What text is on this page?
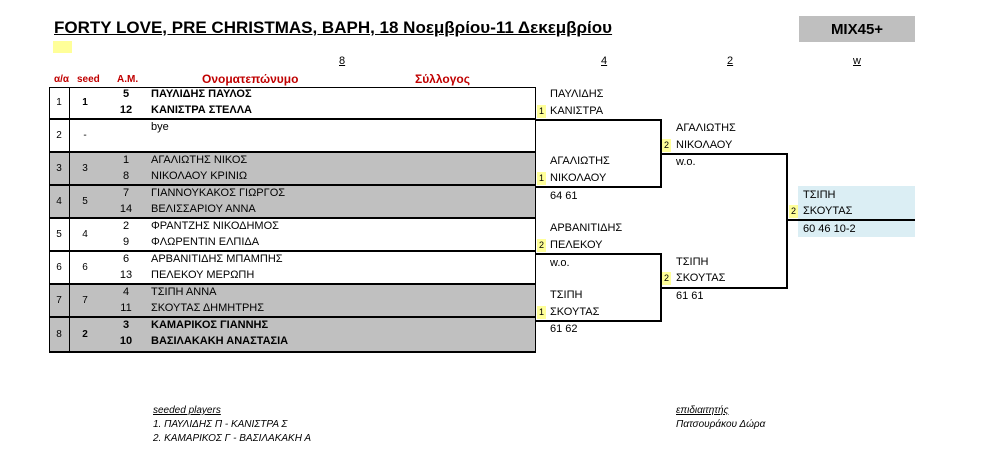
FORTY LOVE, PRE CHRISTMAS, ΒΑΡΗ, 18 Νοεμβρίου-11 Δεκεμβρίου	MIX45+
8	4	2	w
α/α seed Α.Μ.	Ονοματεπώνυμο	Σύλλογος
1	1
5	ΠΑΥΛΙΔΗΣ ΠΑΥΛΟΣ
12	ΚΑΝΙΣΤΡΑ ΣΤΕΛΛΑ
2	-
bye
3	3
1	ΑΓΑΛΙΩΤΗΣ ΝΙΚΟΣ
8	ΝΙΚΟΛΑΟΥ ΚΡΙΝΙΩ
4	5
7	ΓΙΑΝΝΟΥΚΑΚΟΣ ΓΙΩΡΓΟΣ
14	ΒΕΛΙΣΣΑΡΙΟΥ ΑΝΝΑ
5	4
2	ΦΡΑΝΤΖΗΣ ΝΙΚΟΔΗΜΟΣ
9	ΦΛΩΡΕΝΤΙΝ ΕΛΠΙΔΑ
6	6
6	ΑΡΒΑΝΙΤΙΔΗΣ ΜΠΑΜΠΗΣ
13	ΠΕΛΕΚΟΥ ΜΕΡΩΠΗ
7	7
4	ΤΣΙΠΗ ΑΝΝΑ
11	ΣΚΟΥΤΑΣ ΔΗΜΗΤΡΗΣ
8	2
3	ΚΑΜΑΡΙΚΟΣ ΓΙΑΝΝΗΣ
10	ΒΑΣΙΛΑΚΑΚΗ ΑΝΑΣΤΑΣΙΑ
ΠΑΥΛΙΔΗΣ
1 ΚΑΝΙΣΤΡΑ
ΑΓΑΛΙΩΤΗΣ
1 ΝΙΚΟΛΑΟΥ
64 61
ΑΡΒΑΝΙΤΙΔΗΣ
2 ΠΕΛΕΚΟΥ
w.o.
ΤΣΙΠΗ
1 ΣΚΟΥΤΑΣ
61 62
ΑΓΑΛΙΩΤΗΣ
2 ΝΙΚΟΛΑΟΥ
w.o.
ΤΣΙΠΗ
2 ΣΚΟΥΤΑΣ
61 61
ΤΣΙΠΗ
2 ΣΚΟΥΤΑΣ
60 46 10-2
seeded players
1. ΠΑΥΛΙΔΗΣ Π - ΚΑΝΙΣΤΡΑ Σ
2. ΚΑΜΑΡΙΚΟΣ Γ - ΒΑΣΙΛΑΚΑΚΗ Α
επιδιαιτητής
Πατσουράκου Δώρα
